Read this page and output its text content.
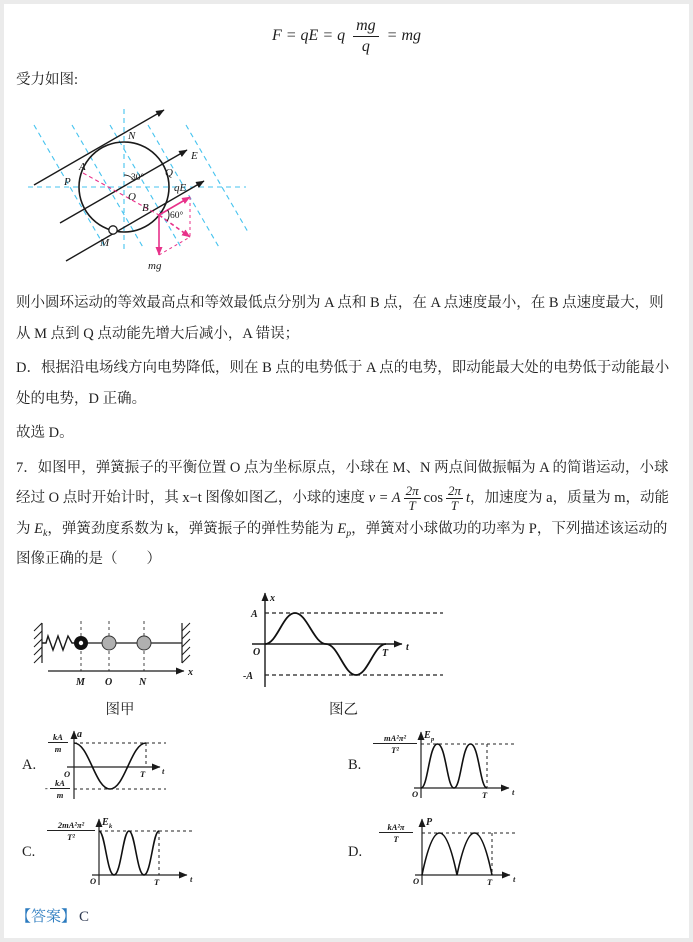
F = qE = q $\frac{mg}{q}$ = mg

受力如图:

N
P
A
E
O
Q
B
M
qE
mg
30°
60°

则小圆环运动的等效最高点和等效最低点分别为 A 点和 B 点，在 A 点速度最小，在 B 点速度最大，则从 M 点到 Q 点动能先增大后减小，A 错误；

D．根据沿电场线方向电势降低，则在 B 点的电势低于 A 点的电势，即动能最大处的电势低于动能最小处的电势，D 正确。

故选 D。

7．如图甲，弹簧振子的平衡位置 O 点为坐标原点，小球在 M、N 两点间做振幅为 A 的简谐运动，小球经过 O 点时开始计时，其 x−t 图像如图乙，小球的速度 v = A $\frac{2\pi}{T}$ $\cos \frac{2\pi}{T}$ t，加速度为 a，质量为 m，动能为 $E_k$，弹簧劲度系数为 k，弹簧振子的弹性势能为 $E_p$，弹簧对小球做功的功率为 P，下列描述该运动的图像正确的是（　　）

x
M O	N
图甲
x
A
-A
O	T
t
图乙
A.
kA
m
- kA
m
a
O	T t	B.
mA²π²
T²
E p
O	T	t
C.
2mA²π²
T²
E k
O	T	t
D.
kA²π
T
P
O	T t
【答案】 C
